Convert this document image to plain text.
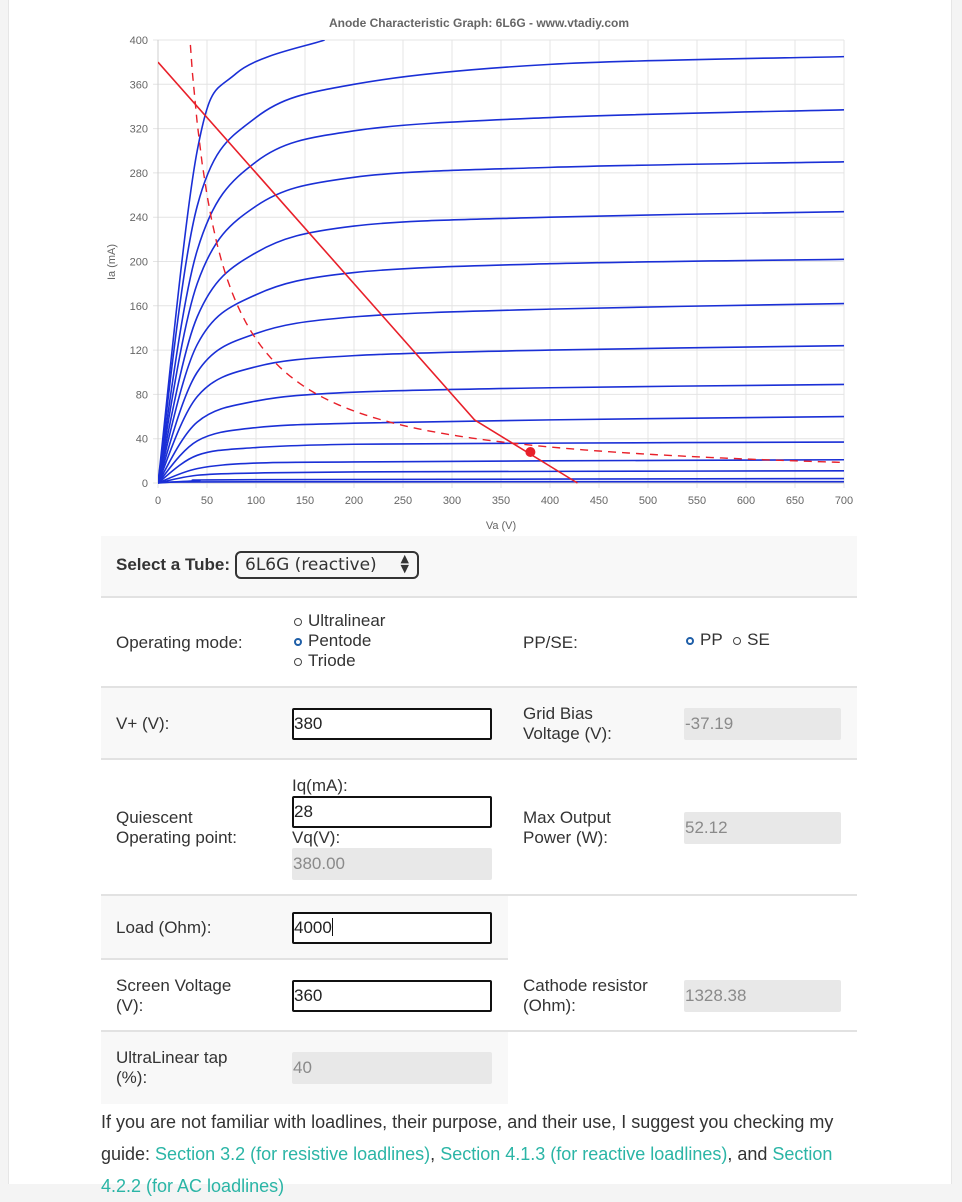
Anode Characteristic Graph: 6L6G - www.vtadiy.com
0	50	100	150	200	250	300	350	400	450	500	550	600	650	700
0
40
80
120
160
200
240
280
320
360
400
Va (V)
Ia (mA)
Select a Tube: 6L6G (reactive) ▲
▼
Operating mode:
Ultralinear
Pentode
Triode
PP/SE:	PP SE
V+ (V):	380
Grid Bias Voltage (V):
-37.19
Quiescent Operating point:
Iq(mA):
28
Vq(V):
380.00
Max Output Power (W):
52.12
Load (Ohm):	4000
Screen Voltage (V):
360
Cathode resistor (Ohm):
1328.38
UltraLinear tap (%):
40
If you are not familiar with loadlines, their purpose, and their use, I suggest you checking my guide: Section 3.2 (for resistive loadlines), Section 4.1.3 (for reactive loadlines), and Section 4.2.2 (for AC loadlines)
